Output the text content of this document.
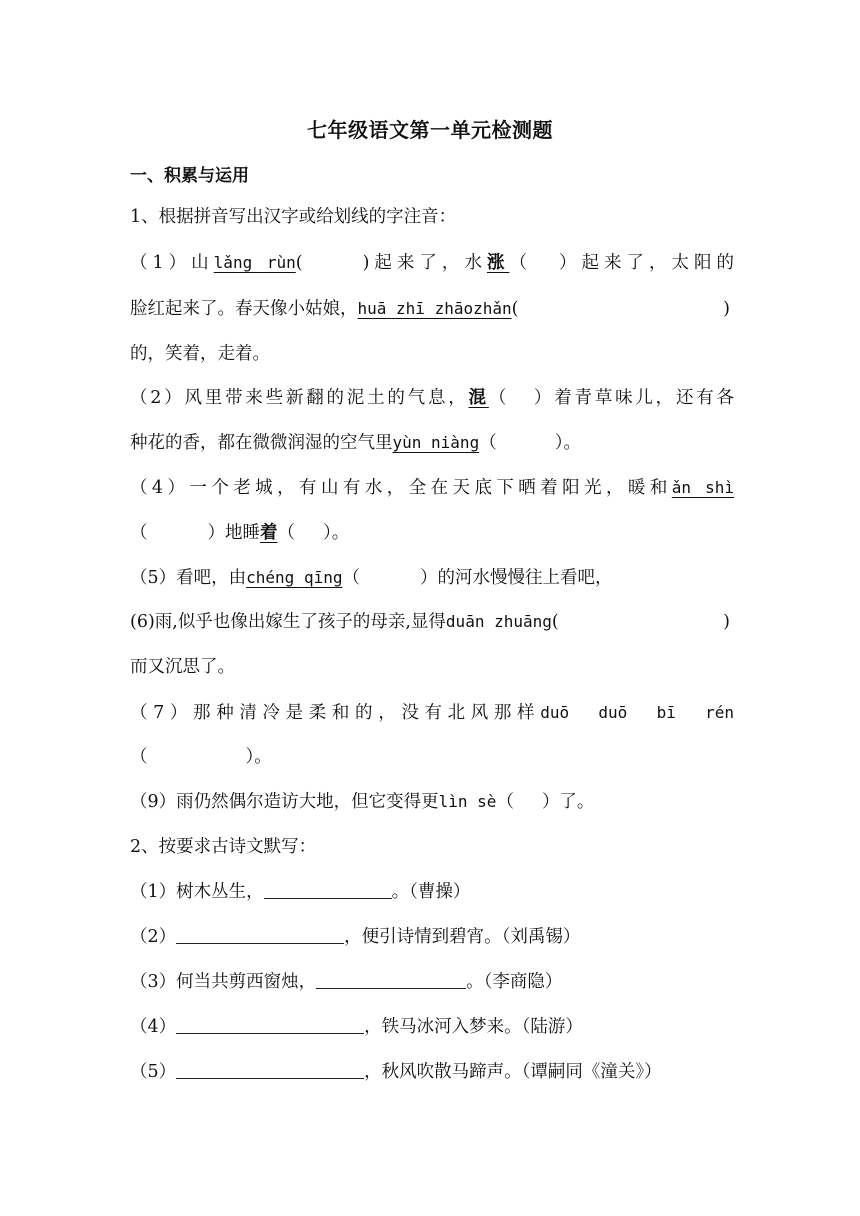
七年级语文第一单元检测题
一、积累与运用
1、根据拼音写出汉字或给划线的字注音：
（1）山lǎng rùn(	)起来了，水涨（ ）起来了，太阳的
脸红起来了。春天像小姑娘，huā zhī zhāozhǎn(	)
的，笑着，走着。
（2）风里带来些新翻的泥土的气息，混（ ）着青草味儿，还有各
种花的香，都在微微润湿的空气里yùn niàng（	）。
（4）一个老城，有山有水，全在天底下晒着阳光，暖和ǎn shì
（	）地睡着（ ）。
（5）看吧，由chéng qīng（	）的河水慢慢往上看吧，
(6)雨,似乎也像出嫁生了孩子的母亲,显得duān zhuāng(	)
而又沉思了。
（7）那种清冷是柔和的，没有北风那样duō duō bī rén
（	）。
（9）雨仍然偶尔造访大地，但它变得更lìn sè（ ）了。
2、按要求古诗文默写：
（1）树木丛生，	。（曹操）
（2）	，便引诗情到碧宵。（刘禹锡）
（3）何当共剪西窗烛，	。（李商隐）
（4）	，铁马冰河入梦来。（陆游）
（5）	，秋风吹散马蹄声。（谭嗣同《潼关》）
